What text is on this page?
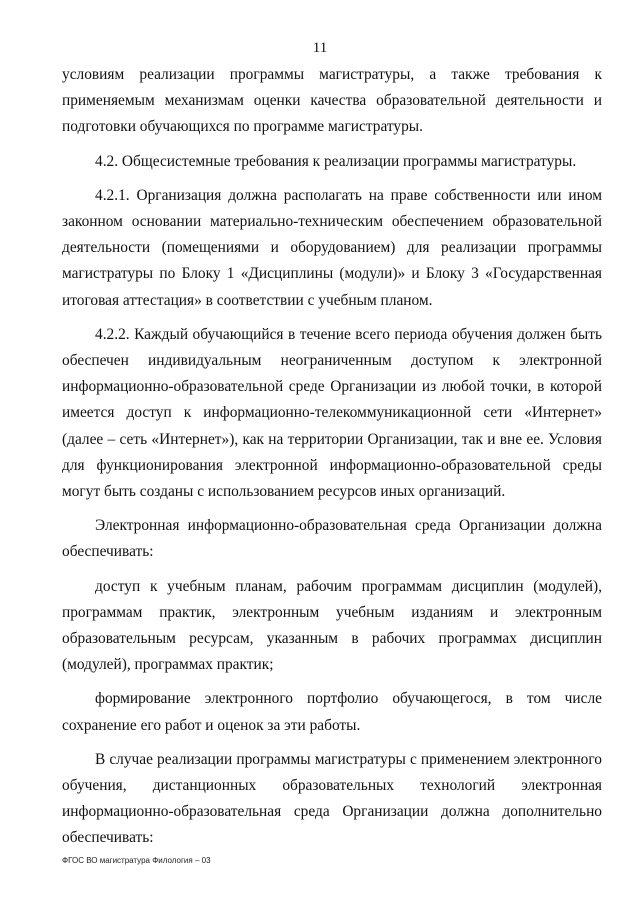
11

условиям реализации программы магистратуры, а также требования к применяемым механизмам оценки качества образовательной деятельности и подготовки обучающихся по программе магистратуры.

4.2. Общесистемные требования к реализации программы магистратуры.

4.2.1. Организация должна располагать на праве собственности или ином законном основании материально-техническим обеспечением образовательной деятельности (помещениями и оборудованием) для реализации программы магистратуры по Блоку 1 «Дисциплины (модули)» и Блоку 3 «Государственная итоговая аттестация» в соответствии с учебным планом.

4.2.2. Каждый обучающийся в течение всего периода обучения должен быть обеспечен индивидуальным неограниченным доступом к электронной информационно-образовательной среде Организации из любой точки, в которой имеется доступ к информационно-телекоммуникационной сети «Интернет» (далее – сеть «Интернет»), как на территории Организации, так и вне ее. Условия для функционирования электронной информационно-образовательной среды могут быть созданы с использованием ресурсов иных организаций.

Электронная информационно-образовательная среда Организации должна обеспечивать:

доступ к учебным планам, рабочим программам дисциплин (модулей), программам практик, электронным учебным изданиям и электронным образовательным ресурсам, указанным в рабочих программах дисциплин (модулей), программах практик;

формирование электронного портфолио обучающегося, в том числе сохранение его работ и оценок за эти работы.

В случае реализации программы магистратуры с применением электронного обучения, дистанционных образовательных технологий электронная информационно-образовательная среда Организации должна дополнительно обеспечивать:

ФГОС ВО магистратура Филология – 03
